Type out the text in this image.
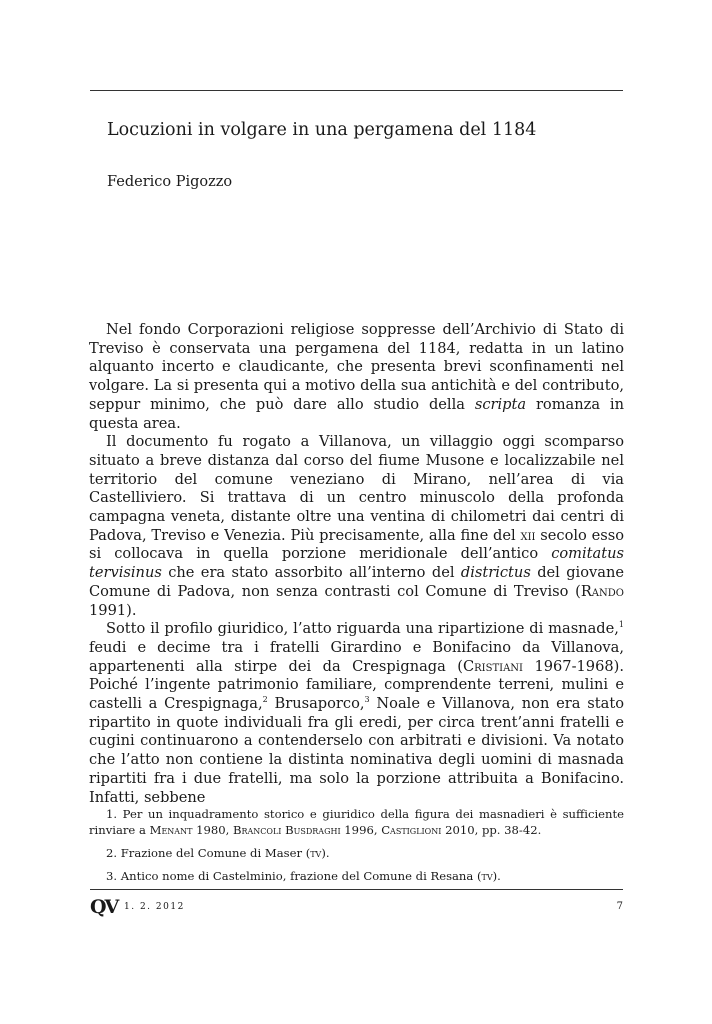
Locuzioni in volgare in una pergamena del 1184
Federico Pigozzo

Nel fondo Corporazioni religiose soppresse dell’Archivio di Stato di Treviso è conservata una pergamena del 1184, redatta in un latino alquanto incerto e claudicante, che presenta brevi sconfinamenti nel volgare. La si presenta qui a motivo della sua antichità e del contributo, seppur minimo, che può dare allo studio della scripta romanza in questa area.

Il documento fu rogato a Villanova, un villaggio oggi scomparso situato a breve distanza dal corso del fiume Musone e localizzabile nel territorio del comune veneziano di Mirano, nell’area di via Castelliviero. Si trattava di un centro minuscolo della profonda campagna veneta, distante oltre una ventina di chilometri dai centri di Padova, Treviso e Venezia. Più precisamente, alla fine del xii secolo esso si collocava in quella porzione meridionale dell’antico comitatus tervisinus che era stato assorbito all’interno del districtus del giovane Comune di Padova, non senza contrasti col Comune di Treviso (Rando 1991).

Sotto il profilo giuridico, l’atto riguarda una ripartizione di masnade,$^1$ feudi e decime tra i fratelli Girardino e Bonifacino da Villanova, appartenenti alla stirpe dei da Crespignaga (Cristiani 1967-1968). Poiché l’ingente patrimonio familiare, comprendente terreni, mulini e castelli a Crespignaga,$^2$ Brusaporco,$^3$ Noale e Villanova, non era stato ripartito in quote individuali fra gli eredi, per circa trent’anni fratelli e cugini continuarono a contenderselo con arbitrati e divisioni. Va notato che l’atto non contiene la distinta nominativa degli uomini di masnada ripartiti fra i due fratelli, ma solo la porzione attribuita a Bonifacino. Infatti, sebbene

1. Per un inquadramento storico e giuridico della figura dei masnadieri è sufficiente rinviare a Menant 1980, Brancoli Busdraghi 1996, Castiglioni 2010, pp. 38-42.

2. Frazione del Comune di Maser (tv).

3. Antico nome di Castelminio, frazione del Comune di Resana (tv).

QV 1. 2. 2012	7
